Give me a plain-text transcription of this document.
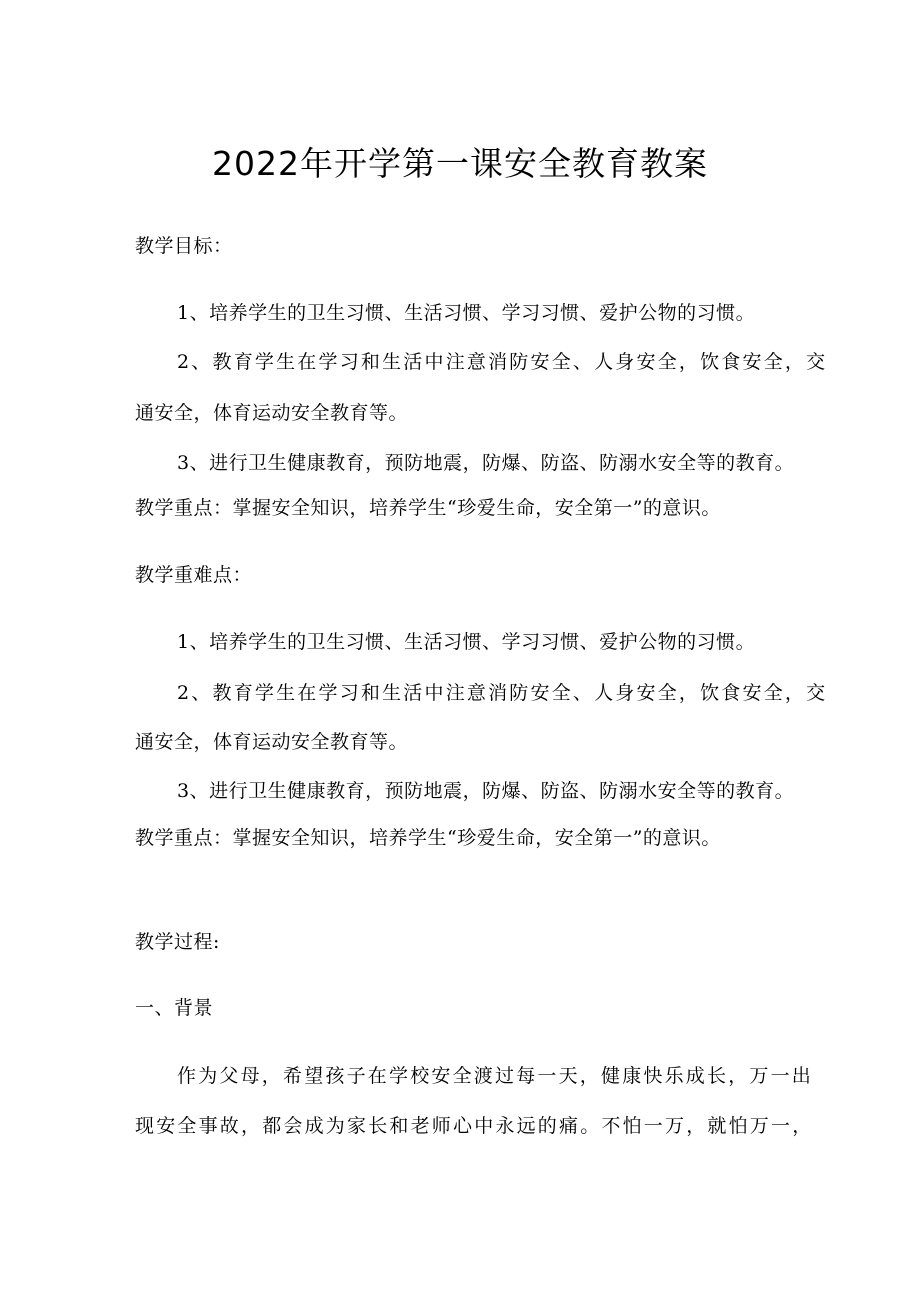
2022年开学第一课安全教育教案
教学目标：
1、培养学生的卫生习惯、生活习惯、学习习惯、爱护公物的习惯。
2、教育学生在学习和生活中注意消防安全、人身安全，饮食安全，交
通安全，体育运动安全教育等。
3、进行卫生健康教育，预防地震，防爆、防盗、防溺水安全等的教育。
教学重点：掌握安全知识，培养学生“珍爱生命，安全第一”的意识。
教学重难点：
1、培养学生的卫生习惯、生活习惯、学习习惯、爱护公物的习惯。
2、教育学生在学习和生活中注意消防安全、人身安全，饮食安全，交
通安全，体育运动安全教育等。
3、进行卫生健康教育，预防地震，防爆、防盗、防溺水安全等的教育。
教学重点：掌握安全知识，培养学生“珍爱生命，安全第一”的意识。
教学过程:
一、背景
作为父母，希望孩子在学校安全渡过每一天，健康快乐成长，万一出
现安全事故，都会成为家长和老师心中永远的痛。不怕一万，就怕万一，
